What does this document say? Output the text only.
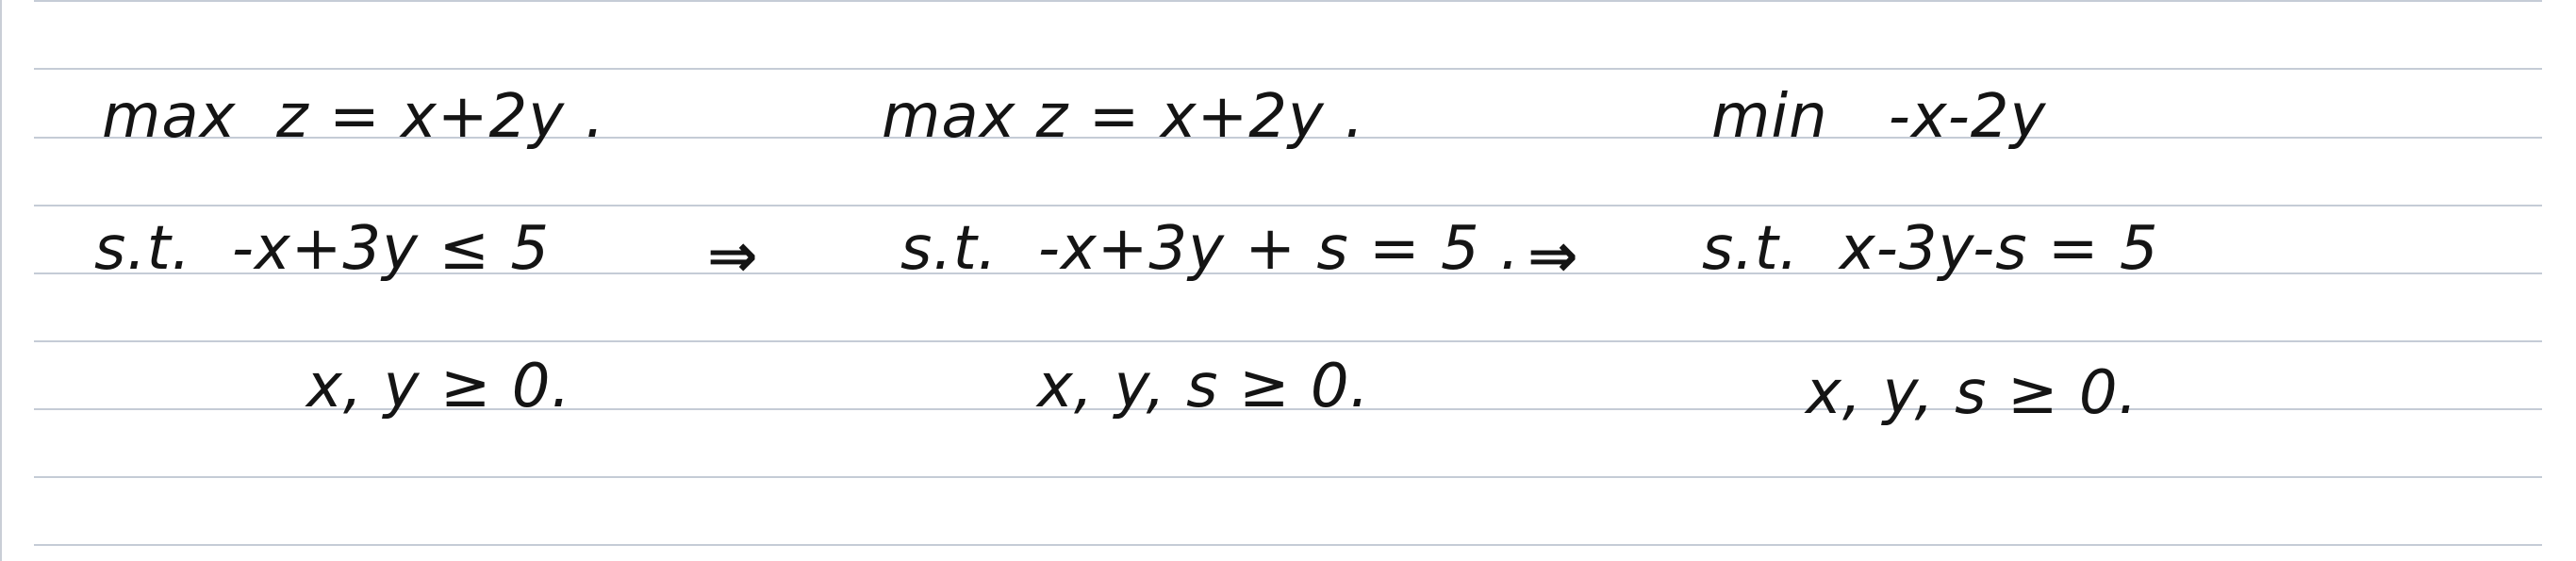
max  z = x+2y .
s.t.  -x+3y ≤ 5
x, y ≥ 0.
⇒
max z = x+2y .
s.t.  -x+3y + s = 5 .
x, y, s ≥ 0.
⇒
min   -x-2y
s.t.  x-3y-s = 5
x, y, s ≥ 0.
